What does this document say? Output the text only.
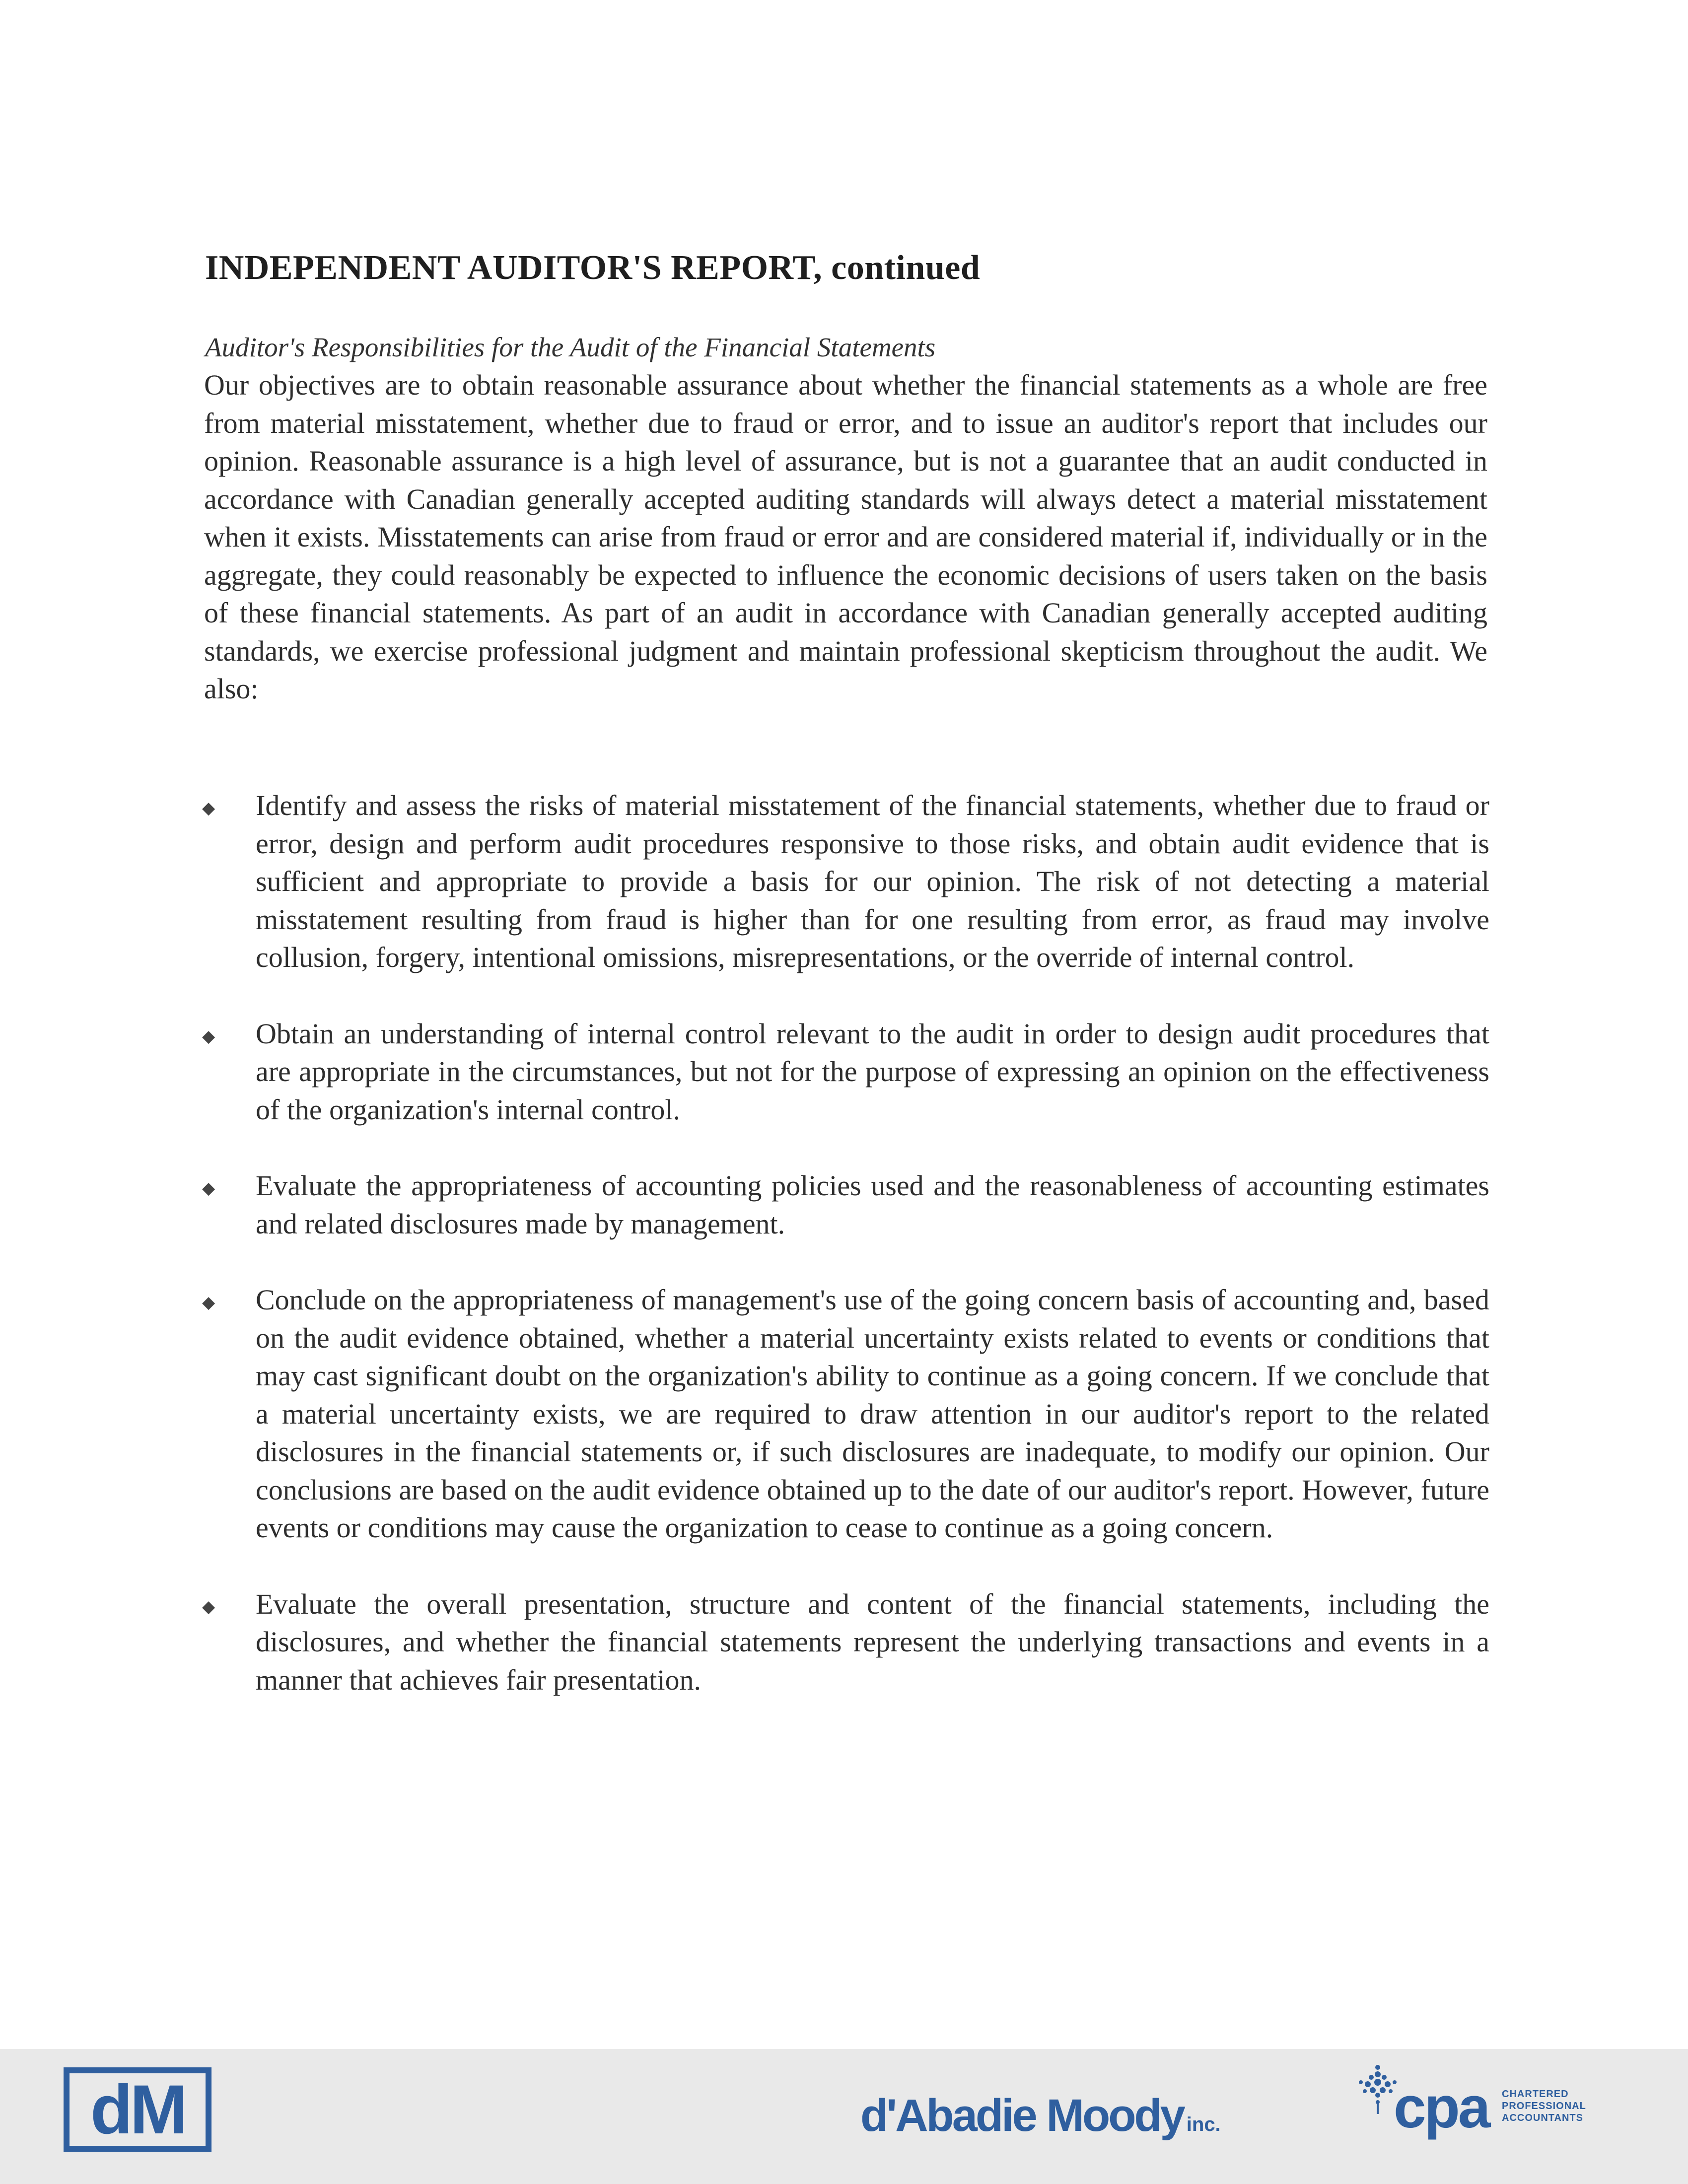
INDEPENDENT AUDITOR'S REPORT, continued
Auditor's Responsibilities for the Audit of the Financial Statements

Our objectives are to obtain reasonable assurance about whether the financial statements as a whole are free from material misstatement, whether due to fraud or error, and to issue an auditor's report that includes our opinion. Reasonable assurance is a high level of assurance, but is not a guarantee that an audit conducted in accordance with Canadian generally accepted auditing standards will always detect a material misstatement when it exists. Misstatements can arise from fraud or error and are considered material if, individually or in the aggregate, they could reasonably be expected to influence the economic decisions of users taken on the basis of these financial statements. As part of an audit in accordance with Canadian generally accepted auditing standards, we exercise professional judgment and maintain professional skepticism throughout the audit. We also:

◆ Identify and assess the risks of material misstatement of the financial statements, whether due to fraud or error, design and perform audit procedures responsive to those risks, and obtain audit evidence that is sufficient and appropriate to provide a basis for our opinion. The risk of not detecting a material misstatement resulting from fraud is higher than for one resulting from error, as fraud may involve collusion, forgery, intentional omissions, misrepresentations, or the override of internal control.
◆ Obtain an understanding of internal control relevant to the audit in order to design audit procedures that are appropriate in the circumstances, but not for the purpose of expressing an opinion on the effectiveness of the organization's internal control.
◆ Evaluate the appropriateness of accounting policies used and the reasonableness of accounting estimates and related disclosures made by management.
◆ Conclude on the appropriateness of management's use of the going concern basis of accounting and, based on the audit evidence obtained, whether a material uncertainty exists related to events or conditions that may cast significant doubt on the organization's ability to continue as a going concern. If we conclude that a material uncertainty exists, we are required to draw attention in our auditor's report to the related disclosures in the financial statements or, if such disclosures are inadequate, to modify our opinion. Our conclusions are based on the audit evidence obtained up to the date of our auditor's report. However, future events or conditions may cause the organization to cease to continue as a going concern.
◆ Evaluate the overall presentation, structure and content of the financial statements, including the disclosures, and whether the financial statements represent the underlying transactions and events in a manner that achieves fair presentation.
dM	d'Abadie Moody inc.	cpa CHARTERED
PROFESSIONAL
ACCOUNTANTS
